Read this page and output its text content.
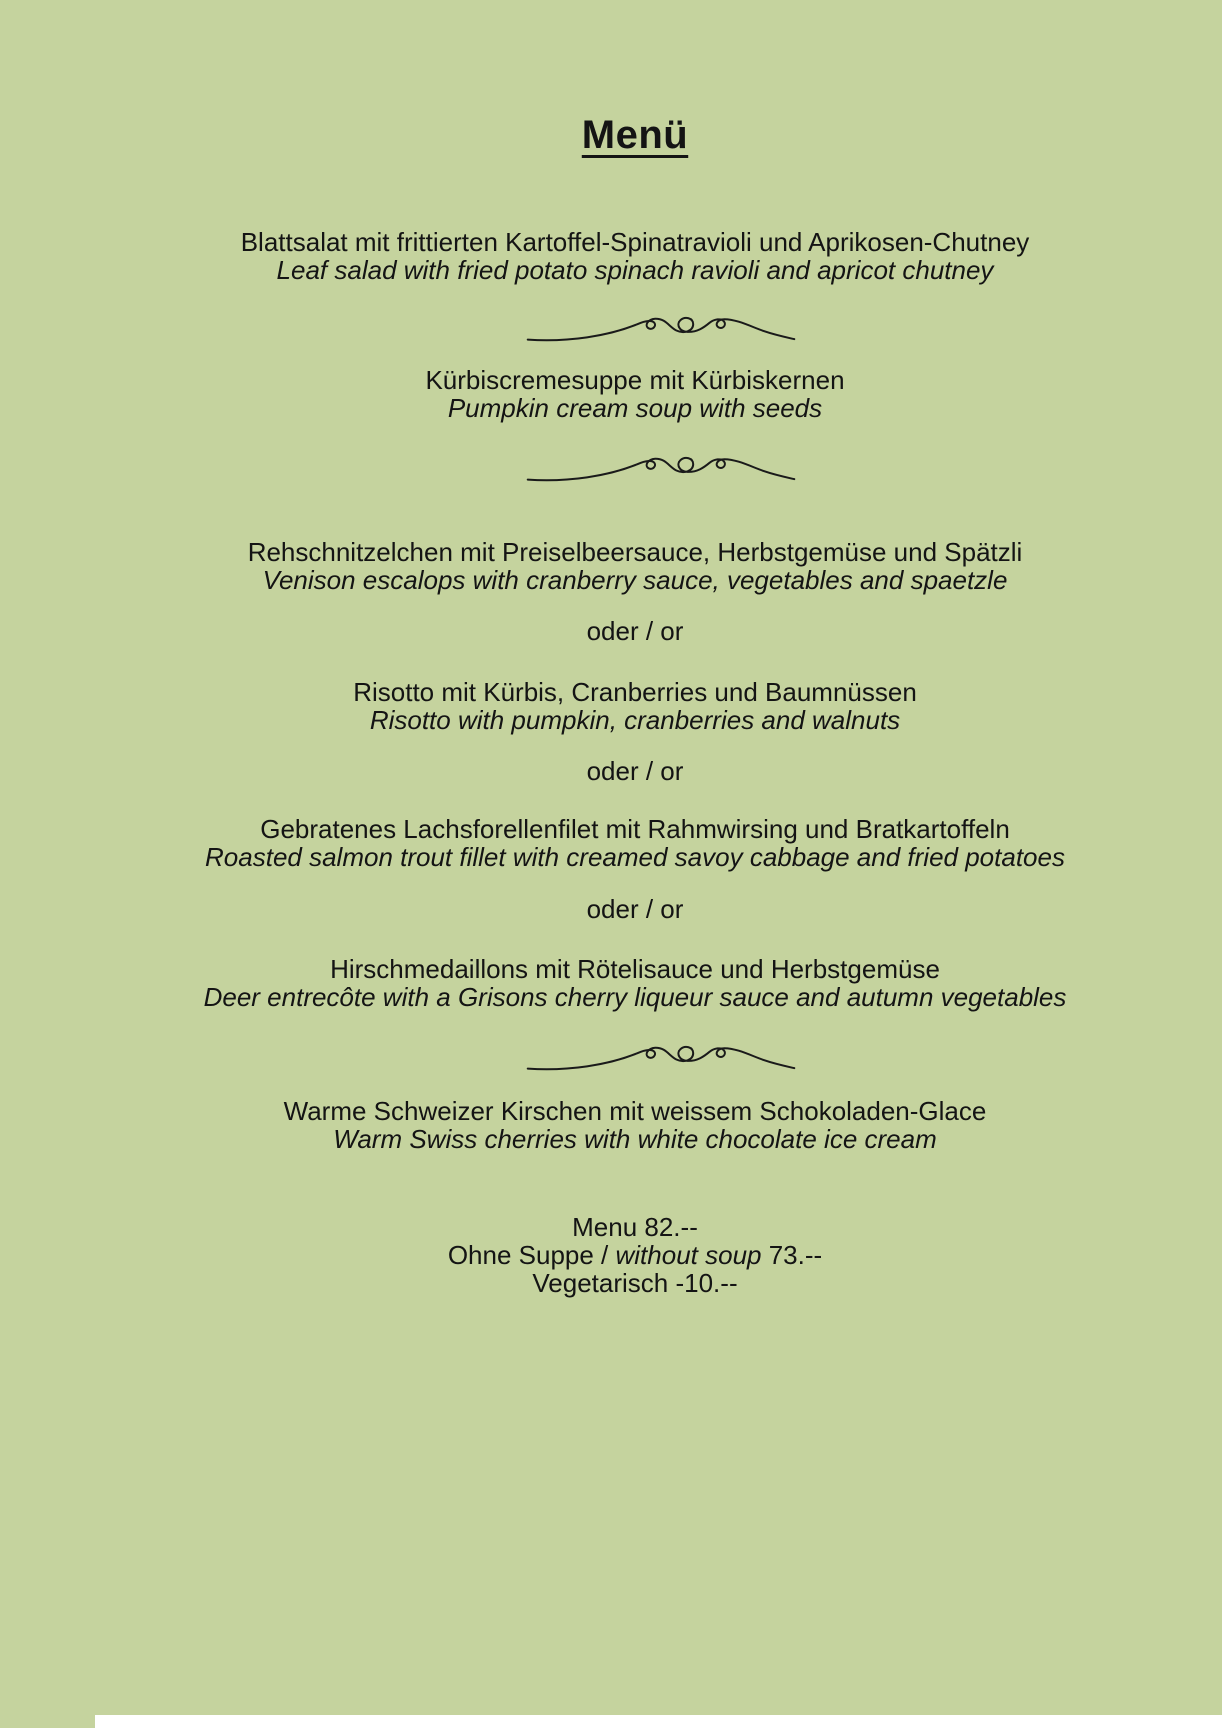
Menü

Blattsalat mit frittierten Kartoffel-Spinatravioli und Aprikosen-Chutney

Leaf salad with fried potato spinach ravioli and apricot chutney

Kürbiscremesuppe mit Kürbiskernen

Pumpkin cream soup with seeds

Rehschnitzelchen mit Preiselbeersauce, Herbstgemüse und Spätzli

Venison escalops with cranberry sauce, vegetables and spaetzle

oder / or

Risotto mit Kürbis, Cranberries und Baumnüssen

Risotto with pumpkin, cranberries and walnuts

oder / or

Gebratenes Lachsforellenfilet mit Rahmwirsing und Bratkartoffeln

Roasted salmon trout fillet with creamed savoy cabbage and fried potatoes

oder / or

Hirschmedaillons mit Rötelisauce und Herbstgemüse

Deer entrecôte with a Grisons cherry liqueur sauce and autumn vegetables

Warme Schweizer Kirschen mit weissem Schokoladen-Glace

Warm Swiss cherries with white chocolate ice cream

Menu 82.--

Ohne Suppe / without soup 73.--

Vegetarisch -10.--
